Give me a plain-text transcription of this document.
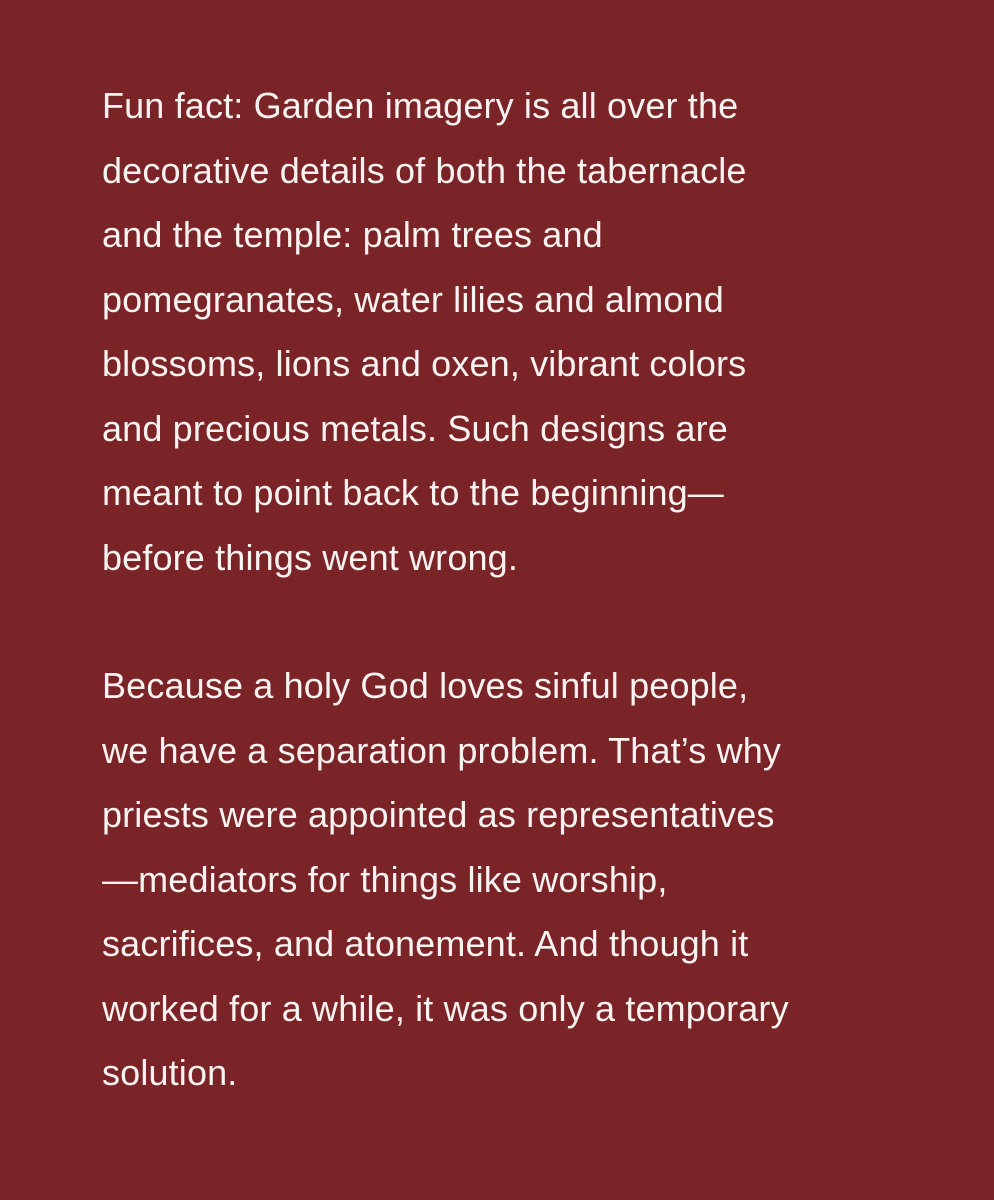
Fun fact: Garden imagery is all over the
decorative details of both the tabernacle
and the temple: palm trees and
pomegranates, water lilies and almond
blossoms, lions and oxen, vibrant colors
and precious metals. Such designs are
meant to point back to the beginning—
before things went wrong.

Because a holy God loves sinful people,
we have a separation problem. That’s why
priests were appointed as representatives
—mediators for things like worship,
sacrifices, and atonement. And though it
worked for a while, it was only a temporary
solution.
